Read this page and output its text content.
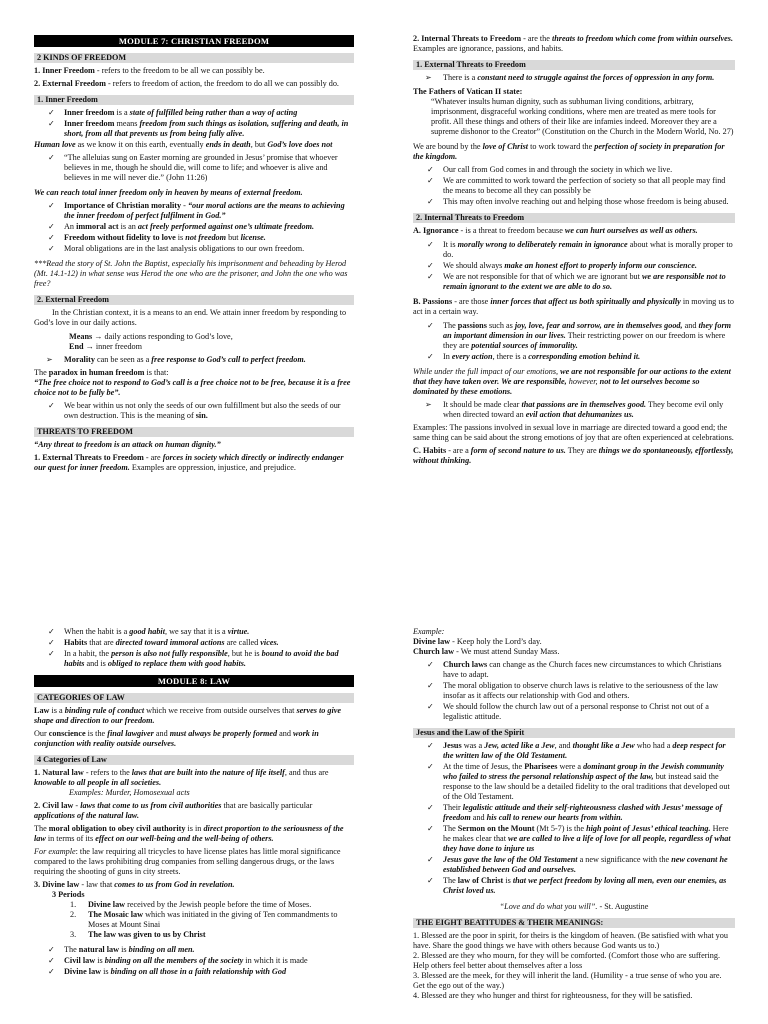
MODULE 7: CHRISTIAN FREEDOM
2 KINDS OF FREEDOM

1. Inner Freedom - refers to the freedom to be all we can possibly be.

2. External Freedom - refers to freedom of action, the freedom to do all we can possibly do.

1. Inner Freedom
✓ Inner freedom is a state of fulfilled being rather than a way of acting
✓ Inner freedom means freedom from such things as isolation, suffering and death, in short, from all that prevents us from being fully alive.

Human love as we know it on this earth, eventually ends in death, but God’s love does not

✓ “The alleluias sung on Easter morning are grounded in Jesus’ promise that whoever believes in me, though he should die, will come to life; and whoever is alive and believes in me will never die.” (John 11:26)

We can reach total inner freedom only in heaven by means of external freedom.

✓ Importance of Christian morality - “our moral actions are the means to achieving the inner freedom of perfect fulfilment in God.”
✓ An immoral act is an act freely performed against one’s ultimate freedom.
✓ Freedom without fidelity to love is not freedom but license.
✓ Moral obligations are in the last analysis obligations to our own freedom.

***Read the story of St. John the Baptist, especially his imprisonment and beheading by Herod (Mt. 14.1-12) in what sense was Herod the one who are the prisoner, and John the one who was free?

2. External Freedom

In the Christian context, it is a means to an end. We attain inner freedom by responding to God’s love in our daily actions.

Means → daily actions responding to God’s love,

End → inner freedom

➢ Morality can be seen as a free response to God’s call to perfect freedom.

The paradox in human freedom is that:

“The free choice not to respond to God’s call is a free choice not to be free, because it is a free choice not to be fully be”.

✓ We bear within us not only the seeds of our own fulfillment but also the seeds of our own destruction. This is the meaning of sin.
THREATS TO FREEDOM

“Any threat to freedom is an attack on human dignity.”

1. External Threats to Freedom - are forces in society which directly or indirectly endanger our quest for inner freedom. Examples are oppression, injustice, and prejudice.

2. Internal Threats to Freedom - are the threats to freedom which come from within ourselves. Examples are ignorance, passions, and habits.

1. External Threats to Freedom
➢ There is a constant need to struggle against the forces of oppression in any form.

The Fathers of Vatican II state:

“Whatever insults human dignity, such as subhuman living conditions, arbitrary, imprisonment, disgraceful working conditions, where men are treated as mere tools for profit. All these things and others of their like are infamies indeed. Moreover they are a supreme dishonor to the Creator” (Constitution on the Church in the Modern World, No. 27)

We are bound by the love of Christ to work toward the perfection of society in preparation for the kingdom.

✓ Our call from God comes in and through the society in which we live.
✓ We are committed to work toward the perfection of society so that all people may find the means to become all they can possibly be
✓ This may often involve reaching out and helping those whose freedom is being abused.
2. Internal Threats to Freedom

A. Ignorance - is a threat to freedom because we can hurt ourselves as well as others.

✓ It is morally wrong to deliberately remain in ignorance about what is morally proper to do.
✓ We should always make an honest effort to properly inform our conscience.
✓ We are not responsible for that of which we are ignorant but we are responsible not to remain ignorant to the extent we are able to do so.

B. Passions - are those inner forces that affect us both spiritually and physically in moving us to act in a certain way.

✓ The passions such as joy, love, fear and sorrow, are in themselves good, and they form an important dimension in our lives. Their restricting power on our freedom is where they are potential sources of immorality.
✓ In every action, there is a corresponding emotion behind it.

While under the full impact of our emotions, we are not responsible for our actions to the extent that they have taken over. We are responsible, however, not to let ourselves become so dominated by these emotions.

➢ It should be made clear that passions are in themselves good. They become evil only when directed toward an evil action that dehumanizes us.

Examples: The passions involved in sexual love in marriage are directed toward a good end; the same thing can be said about the strong emotions of joy that are often experienced at celebrations.

C. Habits - are a form of second nature to us. They are things we do spontaneously, effortlessly, without thinking.

✓ When the habit is a good habit, we say that it is a virtue.
✓ Habits that are directed toward immoral actions are called vices.
✓ In a habit, the person is also not fully responsible, but he is bound to avoid the bad habits and is obliged to replace them with good habits.
MODULE 8: LAW
CATEGORIES OF LAW

Law is a binding rule of conduct which we receive from outside ourselves that serves to give shape and direction to our freedom.

Our conscience is the final lawgiver and must always be properly formed and work in conjunction with reality outside ourselves.

4 Categories of Law

1. Natural law - refers to the laws that are built into the nature of life itself, and thus are knowable to all people in all societies.

Examples: Murder, Homosexual acts

2. Civil law - laws that come to us from civil authorities that are basically particular applications of the natural law.

The moral obligation to obey civil authority is in direct proportion to the seriousness of the law in terms of its effect on our well-being and the well-being of others.

For example: the law requiring all tricycles to have license plates has little moral significance compared to the laws prohibiting drug companies from selling dangerous drugs, or the laws requiring the shooting of guns in city streets.

3. Divine law - law that comes to us from God in revelation.

3 Periods

1. Divine law received by the Jewish people before the time of Moses.
2. The Mosaic law which was initiated in the giving of Ten commandments to Moses at Mount Sinai
3. The law was given to us by Christ
✓ The natural law is binding on all men.
✓ Civil law is binding on all the members of the society in which it is made
✓ Divine law is binding on all those in a faith relationship with God

Example:

Divine law - Keep holy the Lord’s day.

Church law - We must attend Sunday Mass.

✓ Church laws can change as the Church faces new circumstances to which Christians have to adapt.
✓ The moral obligation to observe church laws is relative to the seriousness of the law insofar as it affects our relationship with God and others.
✓ We should follow the church law out of a personal response to Christ not out of a legalistic attitude.
Jesus and the Law of the Spirit
✓ Jesus was a Jew, acted like a Jew, and thought like a Jew who had a deep respect for the written law of the Old Testament.
✓ At the time of Jesus, the Pharisees were a dominant group in the Jewish community who failed to stress the personal relationship aspect of the law, but instead said the response to the law should be a detailed fidelity to the oral traditions that developed out of the Old Testament.
✓ Their legalistic attitude and their self-righteousness clashed with Jesus’ message of freedom and his call to renew our hearts from within.
✓ The Sermon on the Mount (Mt 5-7) is the high point of Jesus’ ethical teaching. Here he makes clear that we are called to live a life of love for all people, regardless of what they have done to injure us
✓ Jesus gave the law of the Old Testament a new significance with the new covenant he established between God and ourselves.
✓ The law of Christ is that we perfect freedom by loving all men, even our enemies, as Christ loved us.

“Love and do what you will”. - St. Augustine

THE EIGHT BEATITUDES & THEIR MEANINGS:

1. Blessed are the poor in spirit, for theirs is the kingdom of heaven. (Be satisfied with what you have. Share the good things we have with others because God wants us to.)

2. Blessed are they who mourn, for they will be comforted. (Comfort those who are suffering. Help others feel better about themselves after a loss

3. Blessed are the meek, for they will inherit the land. (Humility - a true sense of who you are. Get the ego out of the way.)

4. Blessed are they who hunger and thirst for righteousness, for they will be satisfied.
